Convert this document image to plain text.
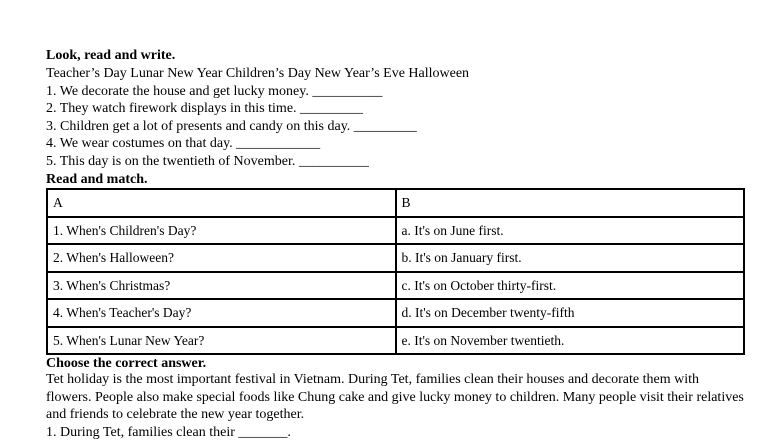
Look, read and write.
Teacher’s Day Lunar New Year Children’s Day New Year’s Eve Halloween
1. We decorate the house and get lucky money. __________
2. They watch firework displays in this time. _________
3. Children get a lot of presents and candy on this day. _________
4. We wear costumes on that day. ____________
5. This day is on the twentieth of November. __________
Read and match.
A	B
1. When's Children's Day?	a. It's on June first.
2. When's Halloween?	b. It's on January first.
3. When's Christmas?	c. It's on October thirty-first.
4. When's Teacher's Day?	d. It's on December twenty-fifth
5. When's Lunar New Year?	e. It's on November twentieth.
Choose the correct answer.
Tet holiday is the most important festival in Vietnam. During Tet, families clean their houses and decorate them with flowers. People also make special foods like Chung cake and give lucky money to children. Many people visit their relatives and friends to celebrate the new year together.
1. During Tet, families clean their _______.
